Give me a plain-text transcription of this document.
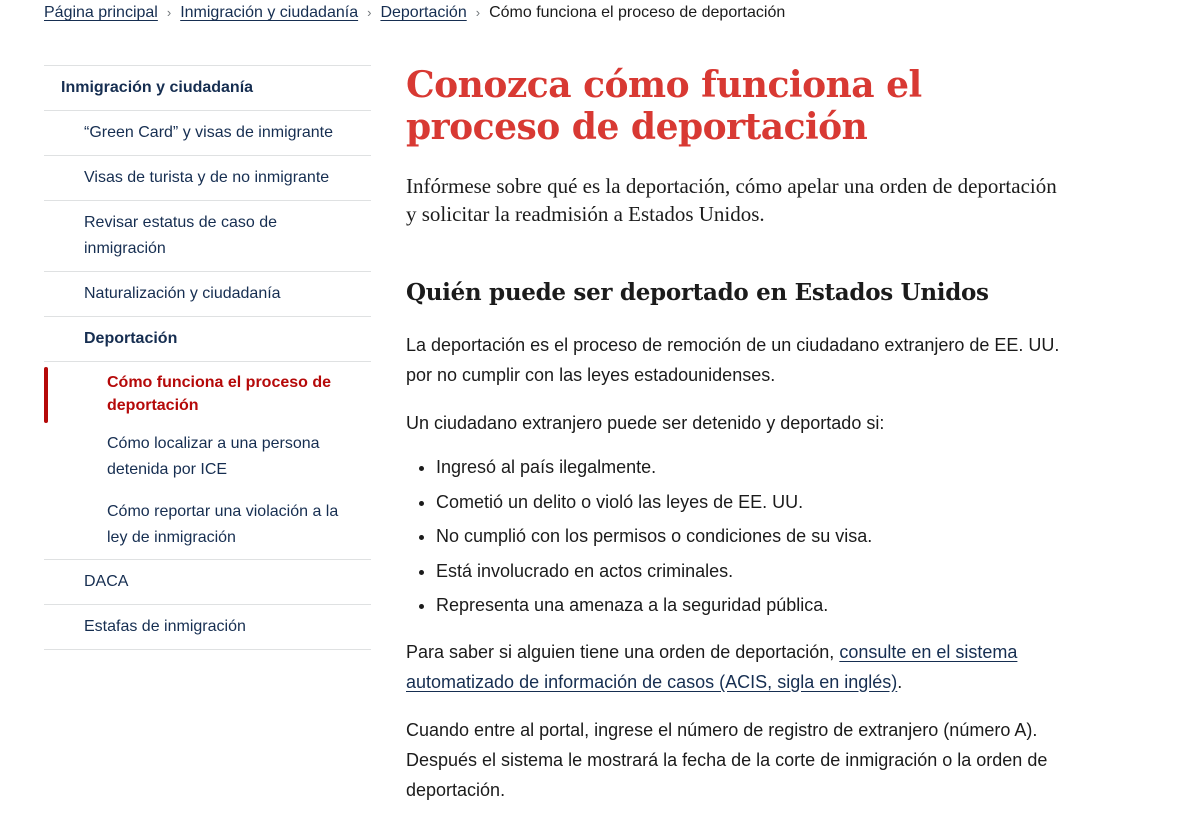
Página principal › Inmigración y ciudadanía › Deportación › Cómo funciona el proceso de deportación
Inmigración y ciudadanía
“Green Card” y visas de inmigrante
Visas de turista y de no inmigrante
Revisar estatus de caso de inmigración
Naturalización y ciudadanía
Deportación
Cómo funciona el proceso de deportación
Cómo localizar a una persona detenida por ICE
Cómo reportar una violación a la ley de inmigración
DACA
Estafas de inmigración
Conozca cómo funciona el proceso de deportación

Infórmese sobre qué es la deportación, cómo apelar una orden de deportación y solicitar la readmisión a Estados Unidos.

Quién puede ser deportado en Estados Unidos

La deportación es el proceso de remoción de un ciudadano extranjero de EE. UU. por no cumplir con las leyes estadounidenses.

Un ciudadano extranjero puede ser detenido y deportado si:

• Ingresó al país ilegalmente.
• Cometió un delito o violó las leyes de EE. UU.
• No cumplió con los permisos o condiciones de su visa.
• Está involucrado en actos criminales.
• Representa una amenaza a la seguridad pública.

Para saber si alguien tiene una orden de deportación, consulte en el sistema automatizado de información de casos (ACIS, sigla en inglés).

Cuando entre al portal, ingrese el número de registro de extranjero (número A). Después el sistema le mostrará la fecha de la corte de inmigración o la orden de deportación.
